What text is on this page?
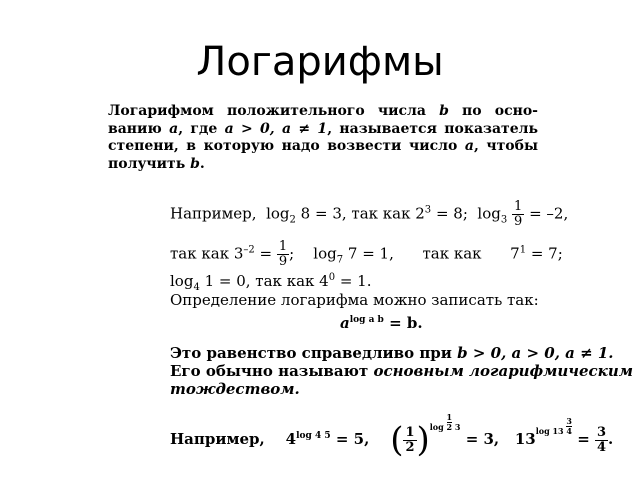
Логарифмы
Логарифмом положительного числа b по осно-ванию a, где a > 0, a ≠ 1, называется показатель степени, в которую надо возвести число a, чтобы получить b.
Например, $\log_2 8 = 3$, так как $2^3 = 8$; $\log_3 \frac{1}{9} = -2$,
так как $3^{-2} = \frac{1}{9}$ ; $\log_7 7 = 1$, так как $7^1 = 7$;
$\log_4 1 = 0$, так как $4^0 = 1$.
Определение логарифма можно записать так:
$a^{log a b} = b$.
Это равенство справедливо при b > 0, a > 0, a ≠ 1.
Его обычно называют основным логарифмическим
тождеством.
Например, $4^{log 4 5} = 5$, ( $\frac{1}{2} )\log \frac{1}{2} 3 = 3$, 13log $13 \frac{3}{4} = \frac{3}{4}$ .
